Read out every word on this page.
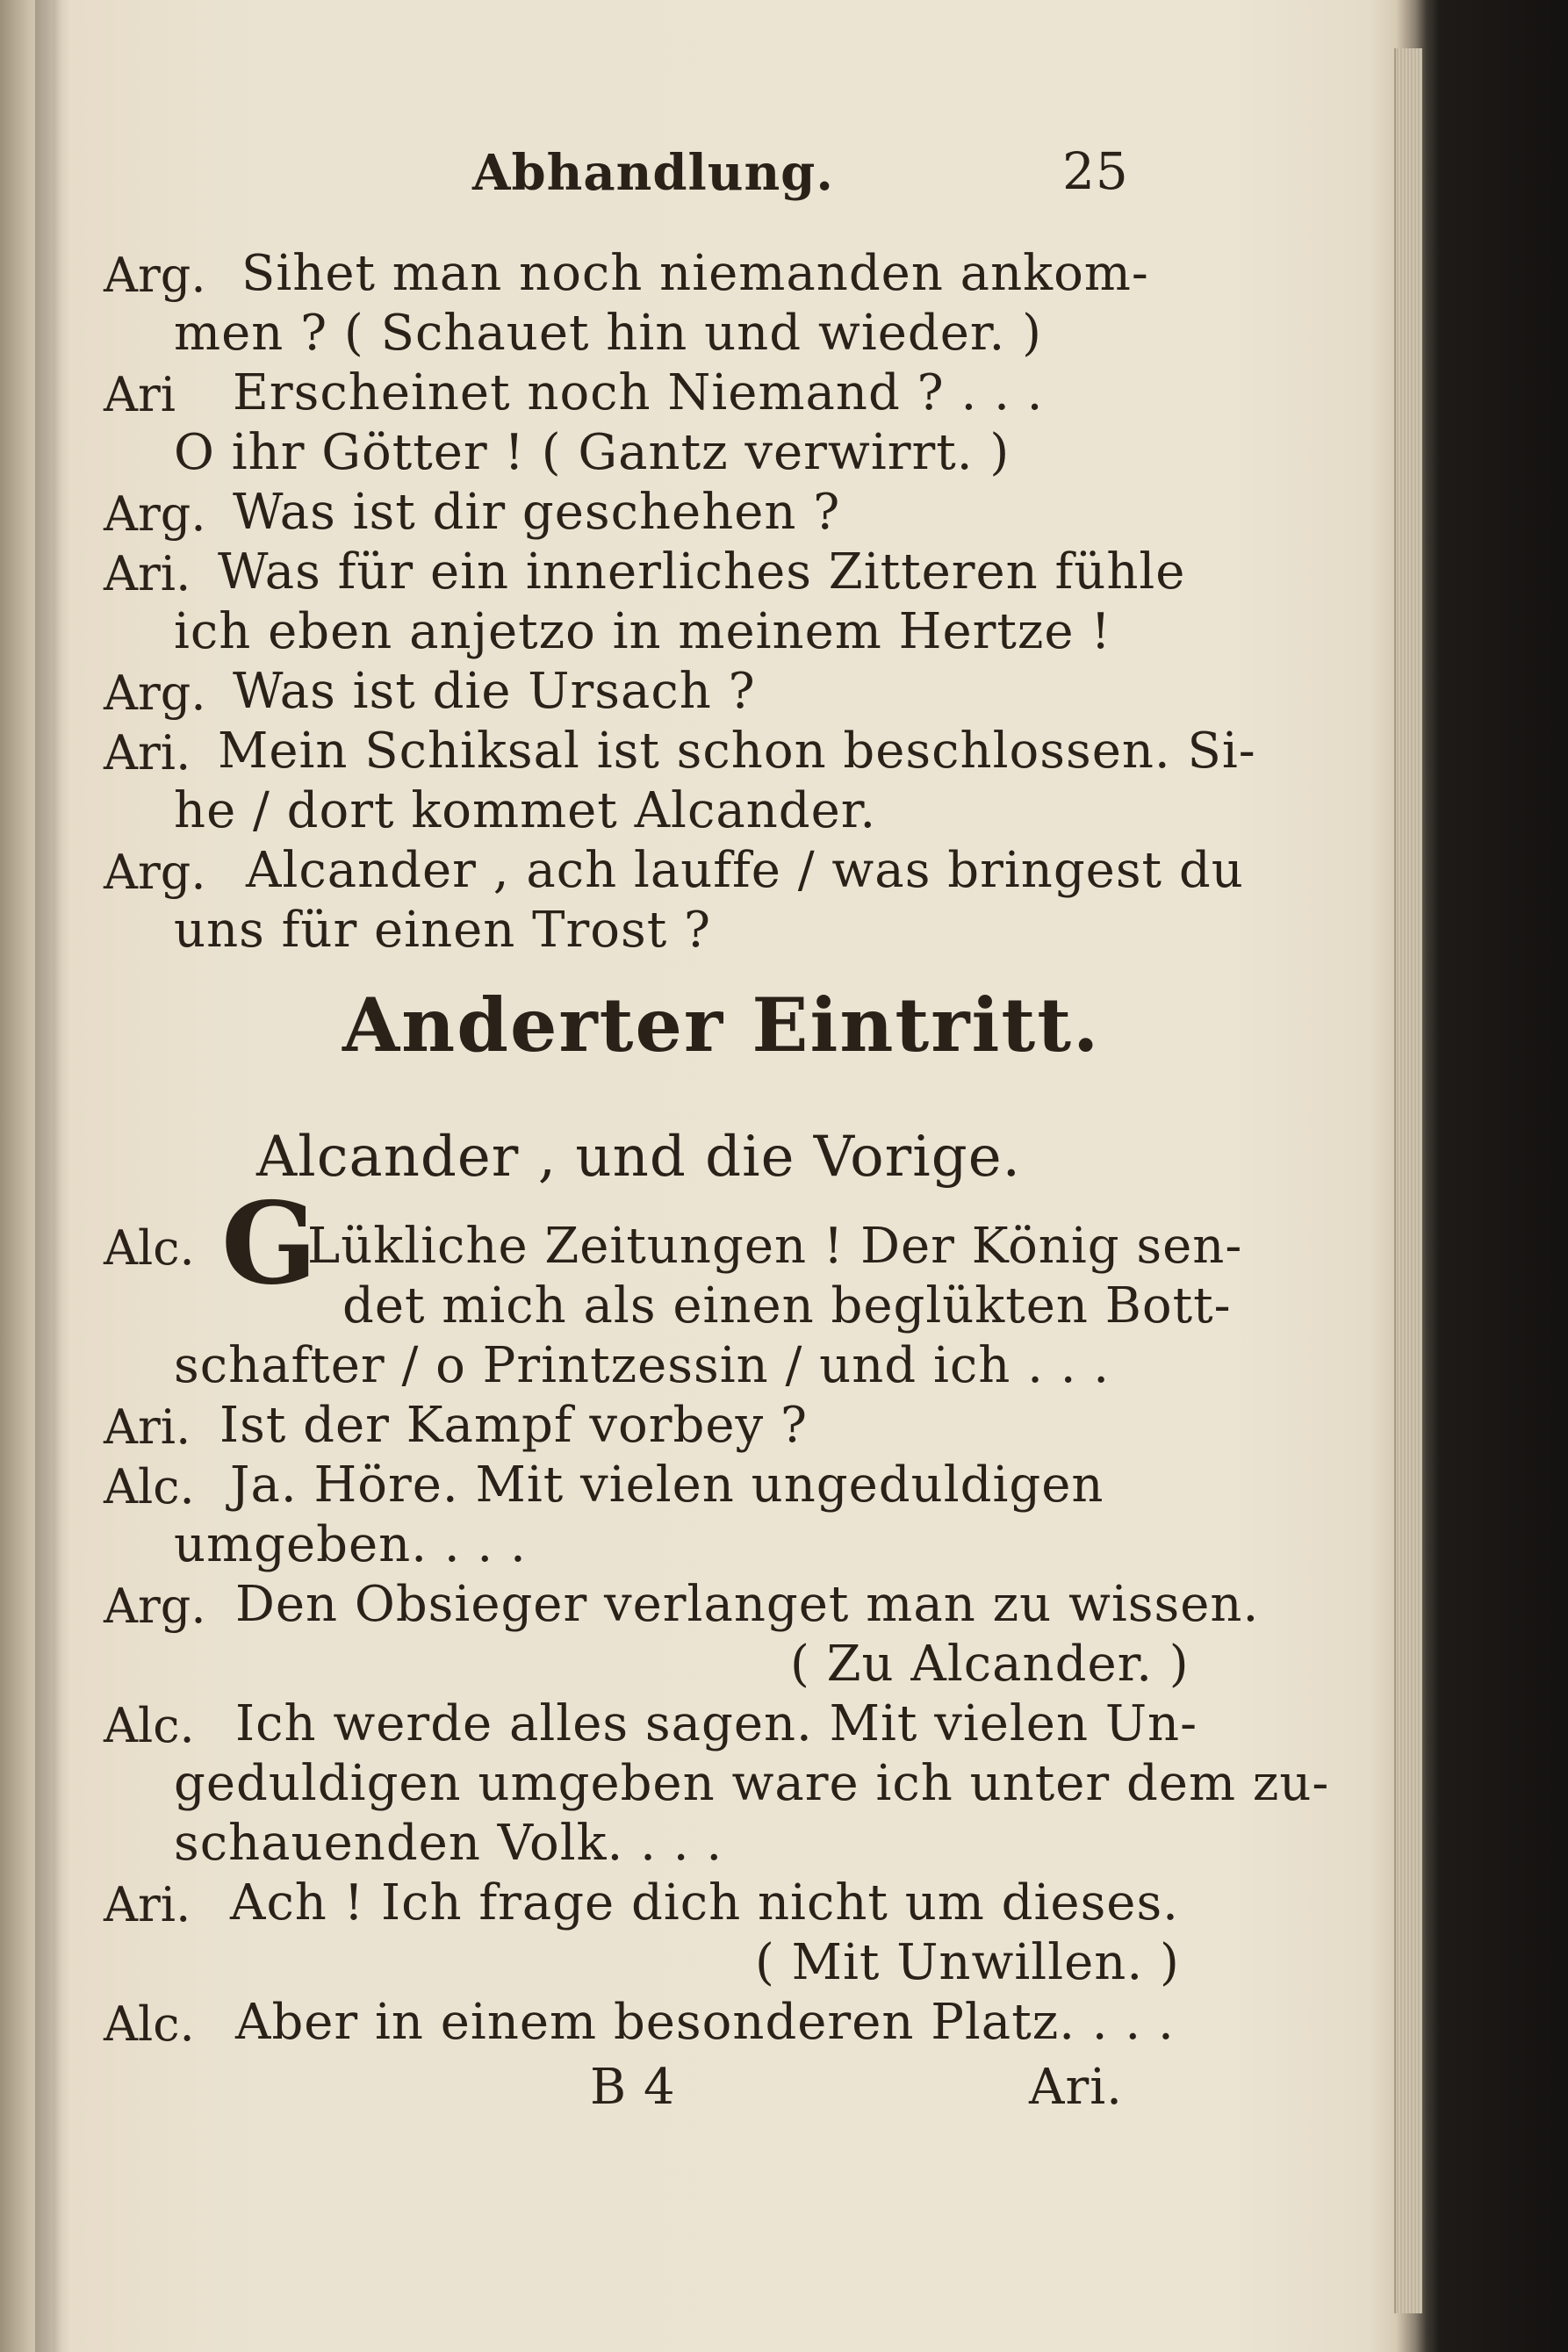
Abhandlung.	25

Arg. Sihet man noch niemanden ankom-

men ? ( Schauet hin und wieder. )

Ari Erscheinet noch Niemand ? . . .

O ihr Götter ! ( Gantz verwirrt. )

Arg. Was ist dir geschehen ?

Ari. Was für ein innerliches Zitteren fühle

ich eben anjetzo in meinem Hertze !

Arg. Was ist die Ursach ?

Ari. Mein Schiksal ist schon beschlossen. Si-

he / dort kommet Alcander.

Arg. Alcander , ach lauffe / was bringest du

uns für einen Trost ?

Anderter Eintritt.

Alcander , und die Vorige.

Alc. G

Lükliche Zeitungen ! Der König sen-

det mich als einen beglükten Bott-

schafter / o Printzessin / und ich . . .

Ari. Ist der Kampf vorbey ?

Alc. Ja. Höre. Mit vielen ungeduldigen

umgeben. . . .

Arg. Den Obsieger verlanget man zu wissen.

( Zu Alcander. )

Alc. Ich werde alles sagen. Mit vielen Un-

geduldigen umgeben ware ich unter dem zu-

schauenden Volk. . . .

Ari. Ach ! Ich frage dich nicht um dieses.

( Mit Unwillen. )

Alc. Aber in einem besonderen Platz. . . .

B 4	Ari.
